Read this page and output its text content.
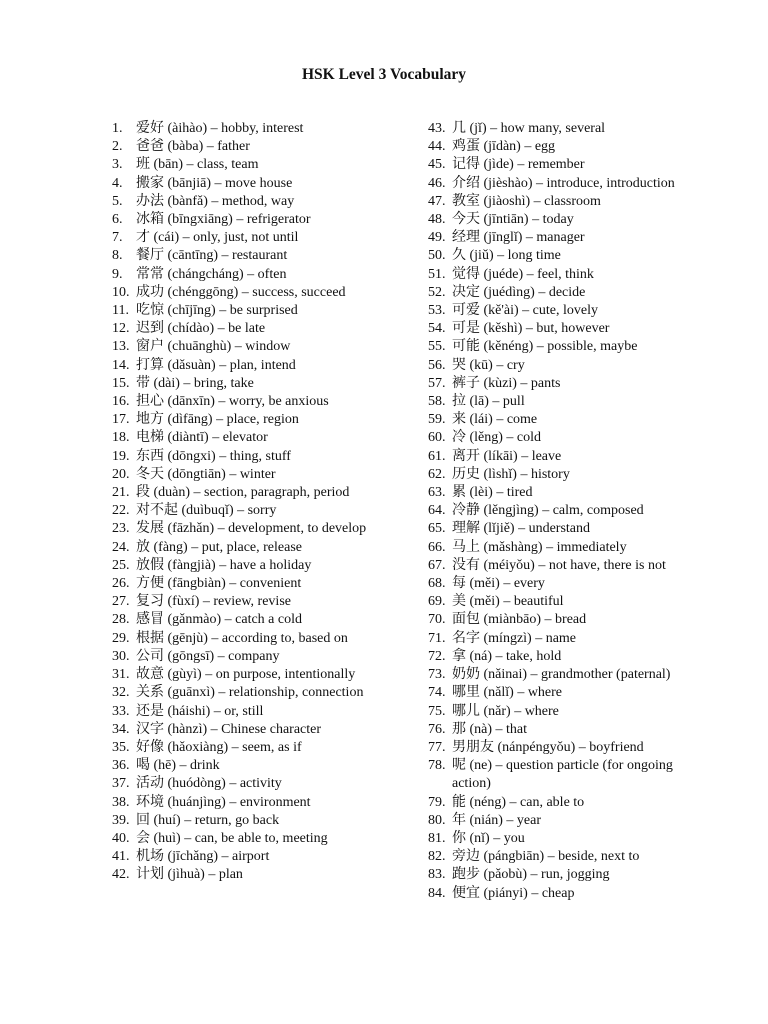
HSK Level 3 Vocabulary
1. 爱好 (àihào) – hobby, interest
2. 爸爸 (bàba) – father
3. 班 (bān) – class, team
4. 搬家 (bānjiā) – move house
5. 办法 (bànfǎ) – method, way
6. 冰箱 (bīngxiāng) – refrigerator
7. 才 (cái) – only, just, not until
8. 餐厅 (cāntīng) – restaurant
9. 常常 (chángcháng) – often
10. 成功 (chénggōng) – success, succeed
11. 吃惊 (chījīng) – be surprised
12. 迟到 (chídào) – be late
13. 窗户 (chuānghù) – window
14. 打算 (dǎsuàn) – plan, intend
15. 带 (dài) – bring, take
16. 担心 (dānxīn) – worry, be anxious
17. 地方 (dìfāng) – place, region
18. 电梯 (diàntī) – elevator
19. 东西 (dōngxi) – thing, stuff
20. 冬天 (dōngtiān) – winter
21. 段 (duàn) – section, paragraph, period
22. 对不起 (duìbuqǐ) – sorry
23. 发展 (fāzhǎn) – development, to develop
24. 放 (fàng) – put, place, release
25. 放假 (fàngjià) – have a holiday
26. 方便 (fāngbiàn) – convenient
27. 复习 (fùxí) – review, revise
28. 感冒 (gǎnmào) – catch a cold
29. 根据 (gēnjù) – according to, based on
30. 公司 (gōngsī) – company
31. 故意 (gùyì) – on purpose, intentionally
32. 关系 (guānxì) – relationship, connection
33. 还是 (háishi) – or, still
34. 汉字 (hànzì) – Chinese character
35. 好像 (hǎoxiàng) – seem, as if
36. 喝 (hē) – drink
37. 活动 (huódòng) – activity
38. 环境 (huánjìng) – environment
39. 回 (huí) – return, go back
40. 会 (huì) – can, be able to, meeting
41. 机场 (jīchǎng) – airport
42. 计划 (jìhuà) – plan
43. 几 (jǐ) – how many, several
44. 鸡蛋 (jīdàn) – egg
45. 记得 (jìde) – remember
46. 介绍 (jièshào) – introduce, introduction
47. 教室 (jiàoshì) – classroom
48. 今天 (jīntiān) – today
49. 经理 (jīnglǐ) – manager
50. 久 (jiǔ) – long time
51. 觉得 (juéde) – feel, think
52. 决定 (juédìng) – decide
53. 可爱 (kě'ài) – cute, lovely
54. 可是 (kěshì) – but, however
55. 可能 (kěnéng) – possible, maybe
56. 哭 (kū) – cry
57. 裤子 (kùzi) – pants
58. 拉 (lā) – pull
59. 来 (lái) – come
60. 冷 (lěng) – cold
61. 离开 (líkāi) – leave
62. 历史 (lìshǐ) – history
63. 累 (lèi) – tired
64. 冷静 (lěngjìng) – calm, composed
65. 理解 (lǐjiě) – understand
66. 马上 (mǎshàng) – immediately
67. 没有 (méiyǒu) – not have, there is not
68. 每 (měi) – every
69. 美 (měi) – beautiful
70. 面包 (miànbāo) – bread
71. 名字 (míngzì) – name
72. 拿 (ná) – take, hold
73. 奶奶 (nǎinai) – grandmother (paternal)
74. 哪里 (nǎlǐ) – where
75. 哪儿 (nǎr) – where
76. 那 (nà) – that
77. 男朋友 (nánpéngyǒu) – boyfriend
78. 呢 (ne) – question particle (for ongoing action)
79. 能 (néng) – can, able to
80. 年 (nián) – year
81. 你 (nǐ) – you
82. 旁边 (pángbiān) – beside, next to
83. 跑步 (pǎobù) – run, jogging
84. 便宜 (piányi) – cheap
